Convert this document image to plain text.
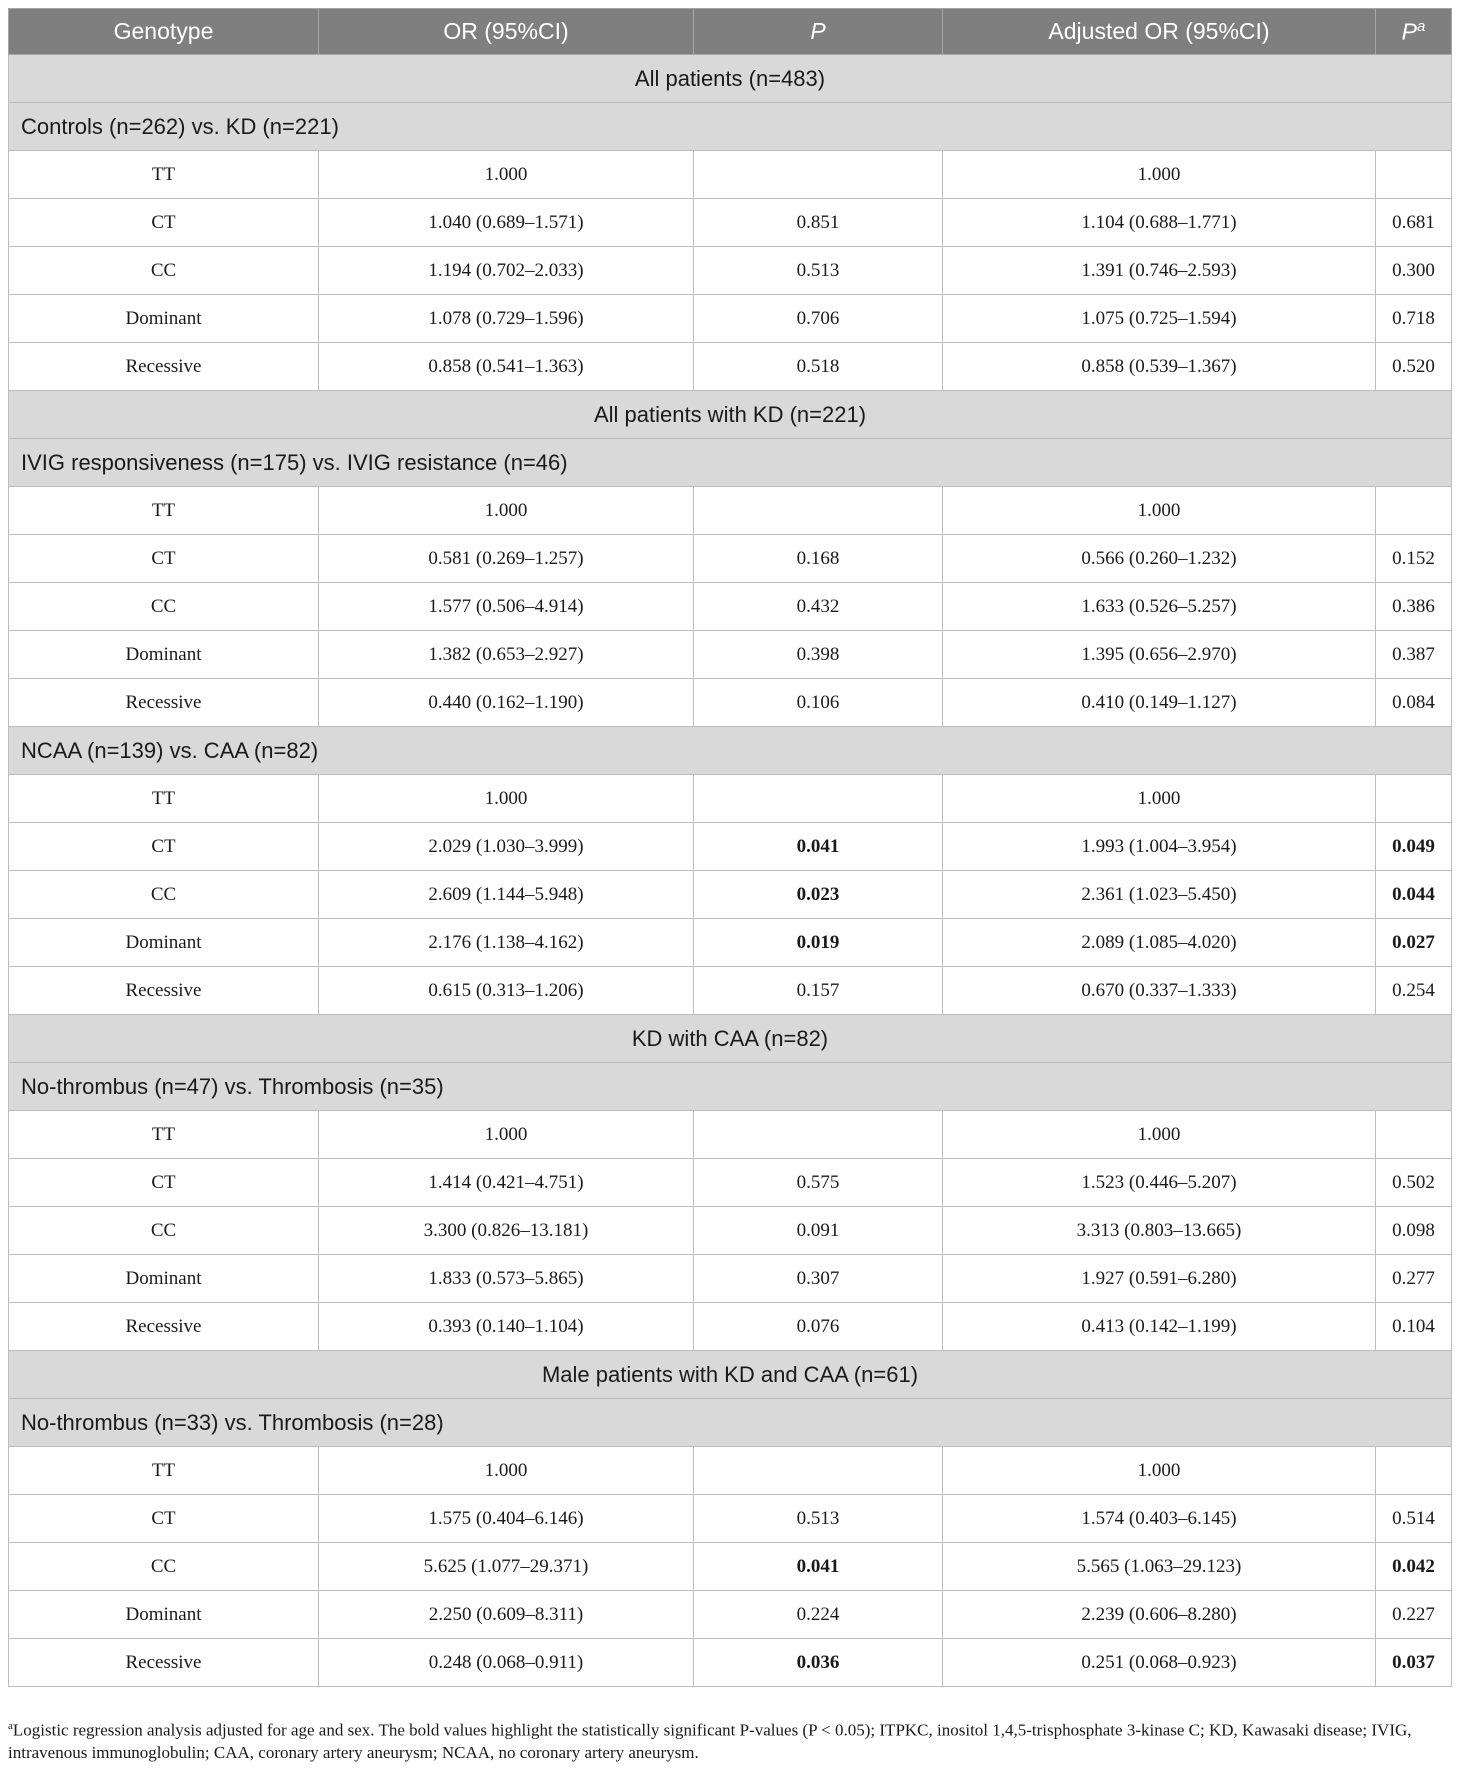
Genotype	OR (95%CI)	P	Adjusted OR (95%CI)	$P^a$
All patients (n=483)				
Controls (n=262) vs. KD (n=221)				
TT	1.000		1.000	
CT	1.040 (0.689–1.571)	0.851	1.104 (0.688–1.771)	0.681
CC	1.194 (0.702–2.033)	0.513	1.391 (0.746–2.593)	0.300
Dominant	1.078 (0.729–1.596)	0.706	1.075 (0.725–1.594)	0.718
Recessive	0.858 (0.541–1.363)	0.518	0.858 (0.539–1.367)	0.520
All patients with KD (n=221)				
IVIG responsiveness (n=175) vs. IVIG resistance (n=46)				
TT	1.000		1.000	
CT	0.581 (0.269–1.257)	0.168	0.566 (0.260–1.232)	0.152
CC	1.577 (0.506–4.914)	0.432	1.633 (0.526–5.257)	0.386
Dominant	1.382 (0.653–2.927)	0.398	1.395 (0.656–2.970)	0.387
Recessive	0.440 (0.162–1.190)	0.106	0.410 (0.149–1.127)	0.084
NCAA (n=139) vs. CAA (n=82)				
TT	1.000		1.000	
CT	2.029 (1.030–3.999)	0.041	1.993 (1.004–3.954)	0.049
CC	2.609 (1.144–5.948)	0.023	2.361 (1.023–5.450)	0.044
Dominant	2.176 (1.138–4.162)	0.019	2.089 (1.085–4.020)	0.027
Recessive	0.615 (0.313–1.206)	0.157	0.670 (0.337–1.333)	0.254
KD with CAA (n=82)				
No-thrombus (n=47) vs. Thrombosis (n=35)				
TT	1.000		1.000	
CT	1.414 (0.421–4.751)	0.575	1.523 (0.446–5.207)	0.502
CC	3.300 (0.826–13.181)	0.091	3.313 (0.803–13.665)	0.098
Dominant	1.833 (0.573–5.865)	0.307	1.927 (0.591–6.280)	0.277
Recessive	0.393 (0.140–1.104)	0.076	0.413 (0.142–1.199)	0.104
Male patients with KD and CAA (n=61)				
No-thrombus (n=33) vs. Thrombosis (n=28)				
TT	1.000		1.000	
CT	1.575 (0.404–6.146)	0.513	1.574 (0.403–6.145)	0.514
CC	5.625 (1.077–29.371)	0.041	5.565 (1.063–29.123)	0.042
Dominant	2.250 (0.609–8.311)	0.224	2.239 (0.606–8.280)	0.227
Recessive	0.248 (0.068–0.911)	0.036	0.251 (0.068–0.923)	0.037
$^a$Logistic regression analysis adjusted for age and sex. The bold values highlight the statistically significant P-values (P < 0.05); ITPKC, inositol 1,4,5-trisphosphate 3-kinase C; KD, Kawasaki disease; IVIG, intravenous immunoglobulin; CAA, coronary artery aneurysm; NCAA, no coronary artery aneurysm.
